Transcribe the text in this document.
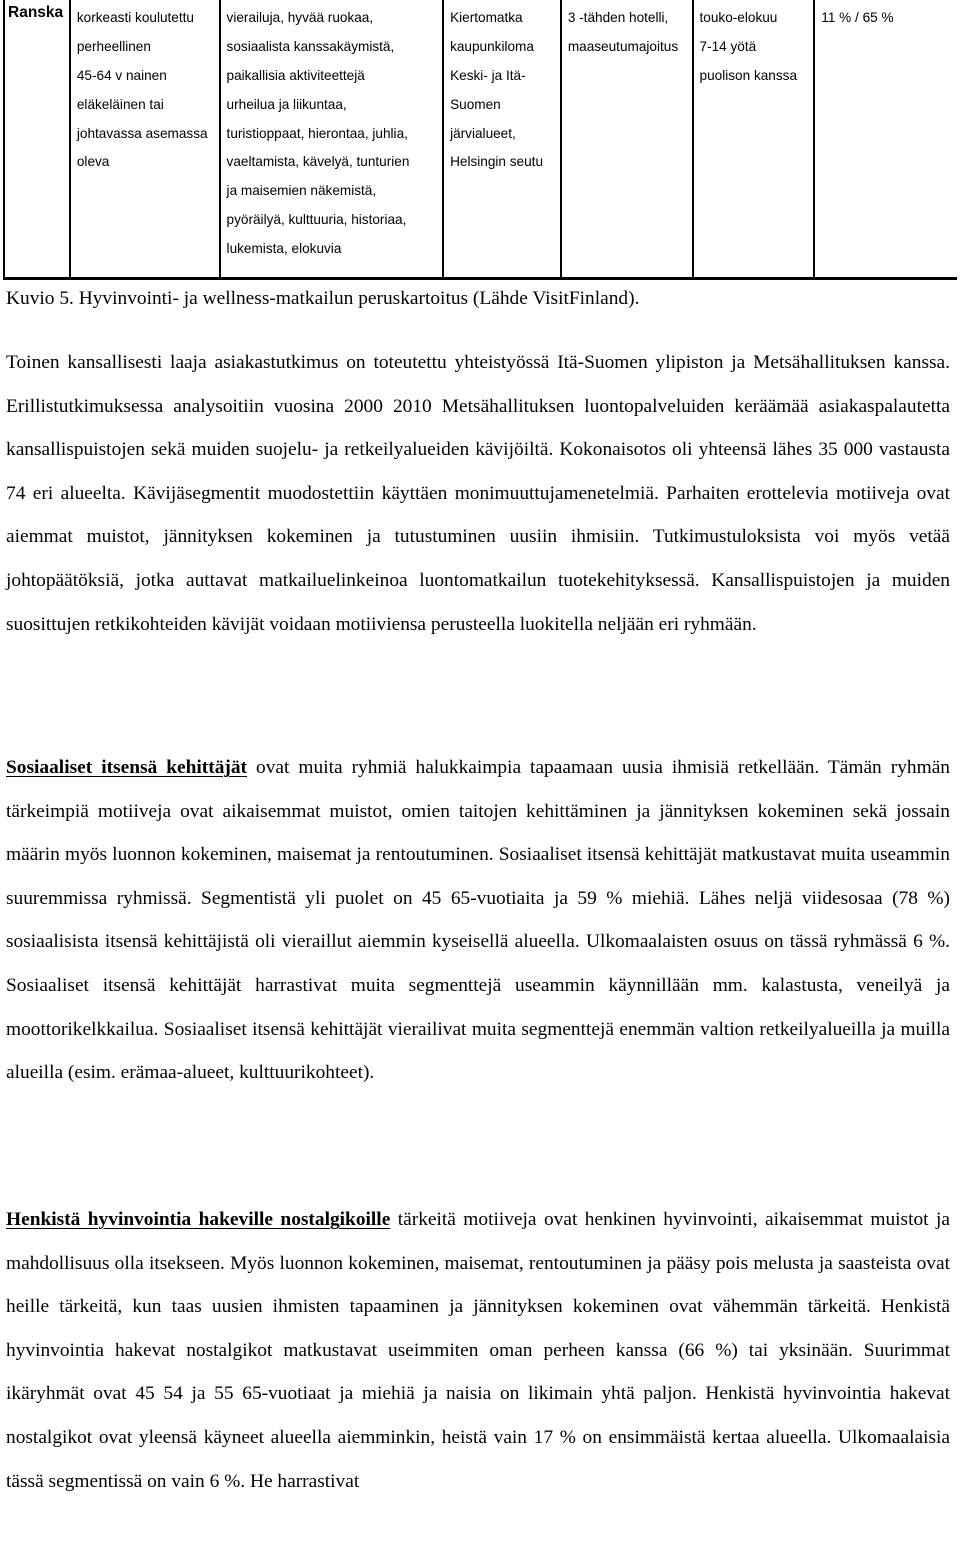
Ranska	korkeasti koulutettu
perheellinen
45-64 v nainen
eläkeläinen tai
johtavassa asemassa
oleva
vierailuja, hyvää ruokaa,
sosiaalista kanssakäymistä,
paikallisia aktiviteettejä
urheilua ja liikuntaa,
turistioppaat, hierontaa, juhlia,
vaeltamista, kävelyä, tunturien
ja maisemien näkemistä,
pyöräilyä, kulttuuria, historiaa,
lukemista, elokuvia
Kiertomatka
kaupunkiloma
Keski- ja Itä-
Suomen
järvialueet,
Helsingin seutu
3 -tähden hotelli,
maaseutumajoitus
touko-elokuu
7-14 yötä
puolison kanssa
11 % / 65 %
Kuvio 5. Hyvinvointi- ja wellness-matkailun peruskartoitus (Lähde VisitFinland).
Toinen kansallisesti laaja asiakastutkimus on toteutettu yhteistyössä Itä-Suomen ylipiston ja Metsähallituksen kanssa. Erillistutkimuksessa analysoitiin vuosina 2000 2010 Metsähallituksen luontopalveluiden keräämää asiakaspalautetta kansallispuistojen sekä muiden suojelu- ja retkeilyalueiden kävijöiltä. Kokonaisotos oli yhteensä lähes 35 000 vastausta 74 eri alueelta. Kävijäsegmentit muodostettiin käyttäen monimuuttujamenetelmiä. Parhaiten erottelevia motiiveja ovat aiemmat muistot, jännityksen kokeminen ja tutustuminen uusiin ihmisiin. Tutkimustuloksista voi myös vetää johtopäätöksiä, jotka auttavat matkailuelinkeinoa luontomatkailun tuotekehityksessä. Kansallispuistojen ja muiden suosittujen retkikohteiden kävijät voidaan motiiviensa perusteella luokitella neljään eri ryhmään.
Sosiaaliset itsensä kehittäjät ovat muita ryhmiä halukkaimpia tapaamaan uusia ihmisiä retkellään. Tämän ryhmän tärkeimpiä motiiveja ovat aikaisemmat muistot, omien taitojen kehittäminen ja jännityksen kokeminen sekä jossain määrin myös luonnon kokeminen, maisemat ja rentoutuminen. Sosiaaliset itsensä kehittäjät matkustavat muita useammin suuremmissa ryhmissä. Segmentistä yli puolet on 45 65-vuotiaita ja 59 % miehiä. Lähes neljä viidesosaa (78 %) sosiaalisista itsensä kehittäjistä oli vieraillut aiemmin kyseisellä alueella. Ulkomaalaisten osuus on tässä ryhmässä 6 %. Sosiaaliset itsensä kehittäjät harrastivat muita segmenttejä useammin käynnillään mm. kalastusta, veneilyä ja moottorikelkkailua. Sosiaaliset itsensä kehittäjät vierailivat muita segmenttejä enemmän valtion retkeilyalueilla ja muilla alueilla (esim. erämaa-alueet, kulttuurikohteet).
Henkistä hyvinvointia hakeville nostalgikoille tärkeitä motiiveja ovat henkinen hyvinvointi, aikaisemmat muistot ja mahdollisuus olla itsekseen. Myös luonnon kokeminen, maisemat, rentoutuminen ja pääsy pois melusta ja saasteista ovat heille tärkeitä, kun taas uusien ihmisten tapaaminen ja jännityksen kokeminen ovat vähemmän tärkeitä. Henkistä hyvinvointia hakevat nostalgikot matkustavat useimmiten oman perheen kanssa (66 %) tai yksinään. Suurimmat ikäryhmät ovat 45 54 ja 55 65-vuotiaat ja miehiä ja naisia on likimain yhtä paljon. Henkistä hyvinvointia hakevat nostalgikot ovat yleensä käyneet alueella aiemminkin, heistä vain 17 % on ensimmäistä kertaa alueella. Ulkomaalaisia tässä segmentissä on vain 6 %. He harrastivat
